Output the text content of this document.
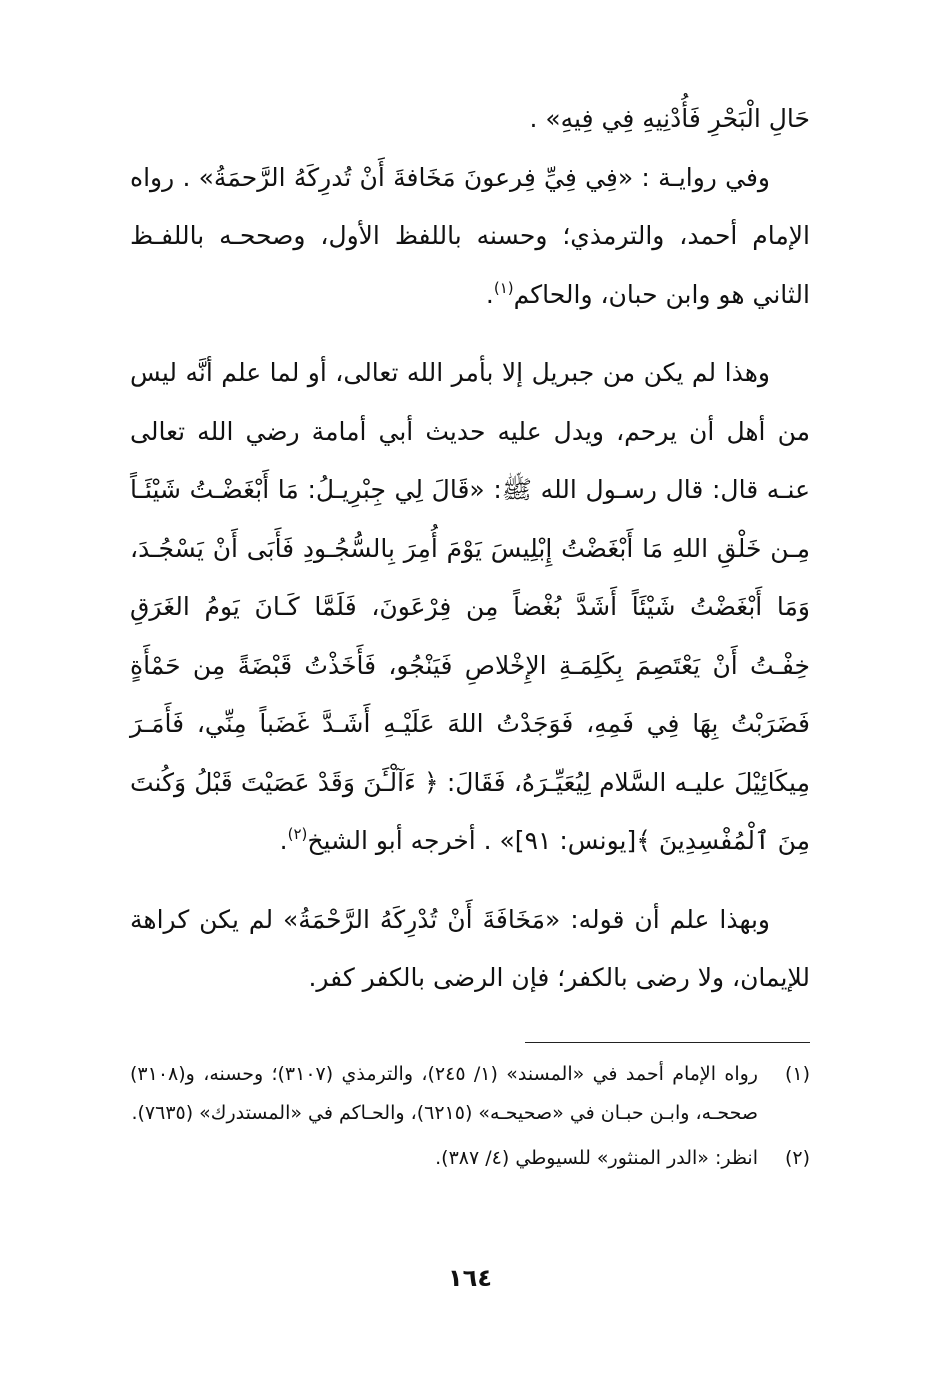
حَالِ الْبَحْرِ فَأُدْنِيهِ فِي فِيهِ» .

وفي روايـة : «فِي فِيِّ فِرعونَ مَخَافةَ أَنْ تُدرِكَهُ الرَّحمَةُ» . رواه الإمام أحمد، والترمذي؛ وحسنه باللفظ الأول، وصححـه باللفـظ الثاني هو وابن حبان، والحاكم$^{(١)}$.

وهذا لم يكن من جبريل إلا بأمر الله تعالى، أو لما علم أنَّه ليس من أهل أن يرحم، ويدل عليه حديث أبي أمامة رضي الله تعالى عنـه قال: قال رسـول الله ﷺ: «قَالَ لِي جِبْرِيـلُ: مَا أَبْغَضْـتُ شَيْئَـاً مِـن خَلْقِ اللهِ مَا أَبْغَضْتُ إِبْلِيسَ يَوْمَ أُمِرَ بِالسُّجُـودِ فَأَبَى أَنْ يَسْجُـدَ، وَمَا أَبْغَضْتُ شَيْئَاً أَشَدَّ بُغْضاً مِن فِرْعَونَ، فَلَمَّا كَـانَ يَومُ الغَرَقِ خِفْـتُ أَنْ يَعْتَصِمَ بِكَلِمَـةِ الإِخْلاصِ فَيَنْجُو، فَأَخَذْتُ قَبْضَةً مِن حَمْأَةٍ فَضَرَبْتُ بِهَا فِي فَمِهِ، فَوَجَدْتُ اللهَ عَلَيْـهِ أَشَـدَّ غَضَباً مِنِّي، فَأَمَـرَ مِيكَائِيْلَ عليـه السَّلام لِيُعَيِّـرَهُ، فَقَالَ: ﴿ ءَآلْـَٔنَ وَقَدْ عَصَيْتَ قَبْلُ وَكُنتَ مِنَ ٱلْمُفْسِدِينَ ﴾[يونس: ٩١]» . أخرجه أبو الشيخ$^{(٢)}$.

وبهذا علم أن قوله: «مَخَافَةَ أَنْ تُدْرِكَهُ الرَّحْمَةُ» لم يكن كراهة للإيمان، ولا رضى بالكفر؛ فإن الرضى بالكفر كفر.

(١)
رواه الإمام أحمد في «المسند» (١/ ٢٤٥)، والترمذي (٣١٠٧)؛ وحسنه، و(٣١٠٨) صححـه، وابـن حبـان في «صحيحـه» (٦٢١٥)، والحـاكم في «المستدرك» (٧٦٣٥).
(٢)
انظر: «الدر المنثور» للسيوطي (٤/ ٣٨٧).
١٦٤
